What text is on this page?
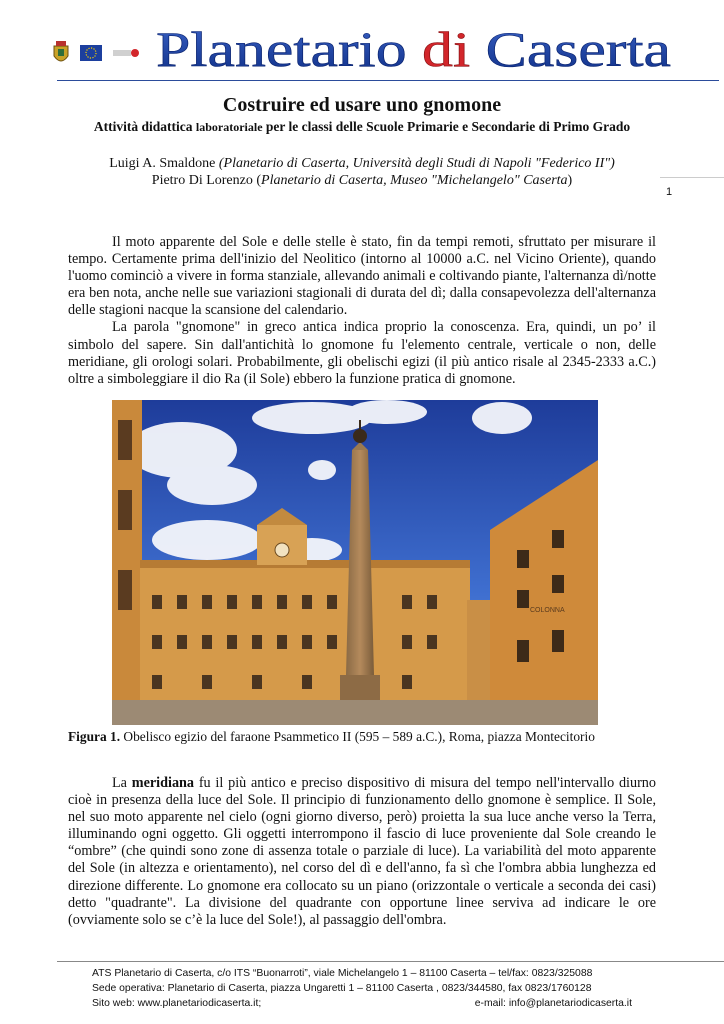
Planetario di Caserta
Costruire ed usare uno gnomone
Attività didattica laboratoriale per le classi delle Scuole Primarie e Secondarie di Primo Grado
Luigi A. Smaldone (Planetario di Caserta, Università degli Studi di Napoli "Federico II")
Pietro Di Lorenzo (Planetario di Caserta, Museo "Michelangelo" Caserta)
1

Il moto apparente del Sole e delle stelle è stato, fin da tempi remoti, sfruttato per misurare il tempo. Certamente prima dell'inizio del Neolitico (intorno al 10000 a.C. nel Vicino Oriente), quando l'uomo cominciò a vivere in forma stanziale, allevando animali e coltivando piante, l'alternanza dì/notte era ben nota, anche nelle sue variazioni stagionali di durata del dì; dalla consapevolezza dell'alternanza delle stagioni nacque la scansione del calendario.

La parola "gnomone" in greco antica indica proprio la conoscenza. Era, quindi, un po’ il simbolo del sapere. Sin dall'antichità lo gnomone fu l'elemento centrale, verticale o non, delle meridiane, gli orologi solari. Probabilmente, gli obelischi egizi (il più antico risale al 2345-2333 a.C.) oltre a simboleggiare il dio Ra (il Sole) ebbero la funzione pratica di gnomone.

COLONNA
Figura 1. Obelisco egizio del faraone Psammetico II (595 – 589 a.C.), Roma, piazza Montecitorio

La meridiana fu il più antico e preciso dispositivo di misura del tempo nell'intervallo diurno cioè in presenza della luce del Sole. Il principio di funzionamento dello gnomone è semplice. Il Sole, nel suo moto apparente nel cielo (ogni giorno diverso, però) proietta la sua luce anche verso la Terra, illuminando ogni oggetto. Gli oggetti interrompono il fascio di luce proveniente dal Sole creando le “ombre” (che quindi sono zone di assenza totale o parziale di luce). La variabilità del moto apparente del Sole (in altezza e orientamento), nel corso del dì e dell'anno, fa sì che l'ombra abbia lunghezza ed direzione differente. Lo gnomone era collocato su un piano (orizzontale o verticale a seconda dei casi) detto "quadrante". La divisione del quadrante con opportune linee serviva ad indicare le ore (ovviamente solo se c’è la luce del Sole!), al passaggio dell'ombra.

ATS Planetario di Caserta, c/o ITS “Buonarroti”, viale Michelangelo 1 – 81100 Caserta – tel/fax: 0823/325088
Sede operativa: Planetario di Caserta, piazza Ungaretti 1 – 81100 Caserta , 0823/344580, fax 0823/1760128
Sito web: www.planetariodicaserta.it;	e-mail: info@planetariodicaserta.it
